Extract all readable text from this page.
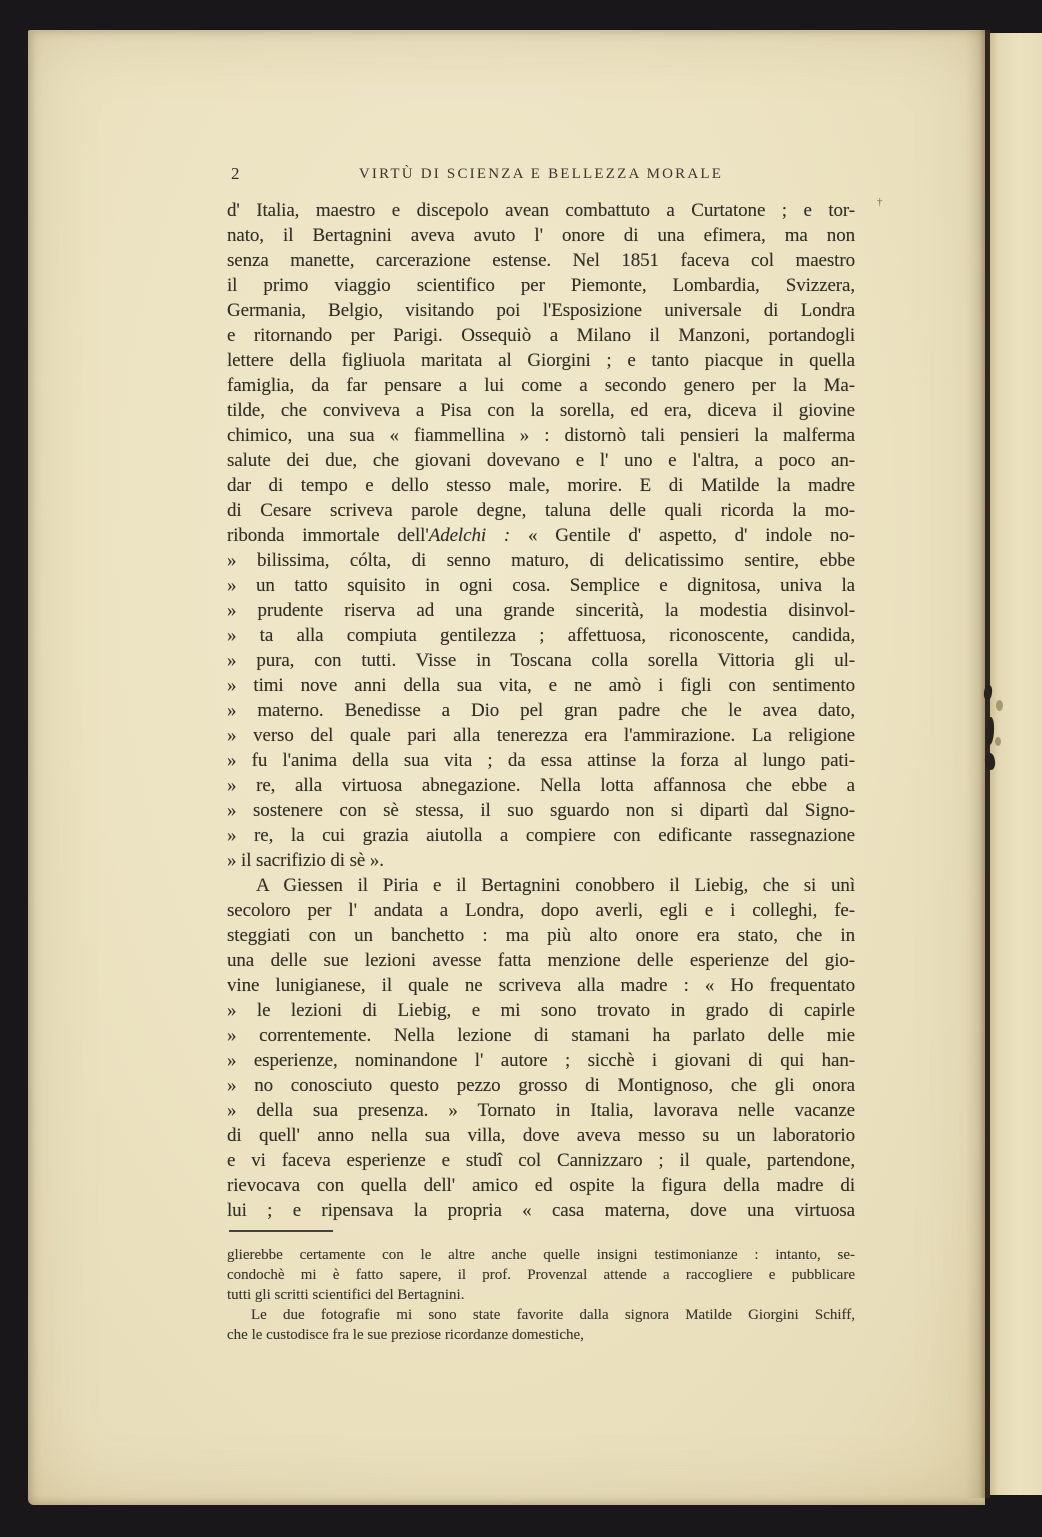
2	VIRTÙ DI SCIENZA E BELLEZZA MORALE
d' Italia, maestro e discepolo avean combattuto a Curtatone ; e tor-
nato, il Bertagnini aveva avuto l' onore di una efimera, ma non
senza manette, carcerazione estense. Nel 1851 faceva col maestro
il primo viaggio scientifico per Piemonte, Lombardia, Svizzera,
Germania, Belgio, visitando poi l'Esposizione universale di Londra
e ritornando per Parigi. Ossequiò a Milano il Manzoni, portandogli
lettere della figliuola maritata al Giorgini ; e tanto piacque in quella
famiglia, da far pensare a lui come a secondo genero per la Ma-
tilde, che conviveva a Pisa con la sorella, ed era, diceva il giovine
chimico, una sua « fiammellina » : distornò tali pensieri la malferma
salute dei due, che giovani dovevano e l' uno e l'altra, a poco an-
dar di tempo e dello stesso male, morire. E di Matilde la madre
di Cesare scriveva parole degne, taluna delle quali ricorda la mo-
ribonda immortale dell'Adelchi : « Gentile d' aspetto, d' indole no-
» bilissima, cólta, di senno maturo, di delicatissimo sentire, ebbe
» un tatto squisito in ogni cosa. Semplice e dignitosa, univa la
» prudente riserva ad una grande sincerità, la modestia disinvol-
» ta alla compiuta gentilezza ; affettuosa, riconoscente, candida,
» pura, con tutti. Visse in Toscana colla sorella Vittoria gli ul-
» timi nove anni della sua vita, e ne amò i figli con sentimento
» materno. Benedisse a Dio pel gran padre che le avea dato,
» verso del quale pari alla tenerezza era l'ammirazione. La religione
» fu l'anima della sua vita ; da essa attinse la forza al lungo pati-
» re, alla virtuosa abnegazione. Nella lotta affannosa che ebbe a
» sostenere con sè stessa, il suo sguardo non si dipartì dal Signo-
» re, la cui grazia aiutolla a compiere con edificante rassegnazione
» il sacrifizio di sè ».
A Giessen il Piria e il Bertagnini conobbero il Liebig, che si unì
secoloro per l' andata a Londra, dopo averli, egli e i colleghi, fe-
steggiati con un banchetto : ma più alto onore era stato, che in
una delle sue lezioni avesse fatta menzione delle esperienze del gio-
vine lunigianese, il quale ne scriveva alla madre : « Ho frequentato
» le lezioni di Liebig, e mi sono trovato in grado di capirle
» correntemente. Nella lezione di stamani ha parlato delle mie
» esperienze, nominandone l' autore ; sicchè i giovani di qui han-
» no conosciuto questo pezzo grosso di Montignoso, che gli onora
» della sua presenza. » Tornato in Italia, lavorava nelle vacanze
di quell' anno nella sua villa, dove aveva messo su un laboratorio
e vi faceva esperienze e studî col Cannizzaro ; il quale, partendone,
rievocava con quella dell' amico ed ospite la figura della madre di
lui ; e ripensava la propria « casa materna, dove una virtuosa
glierebbe certamente con le altre anche quelle insigni testimonianze : intanto, se-
condochè mi è fatto sapere, il prof. Provenzal attende a raccogliere e pubblicare
tutti gli scritti scientifici del Bertagnini.
Le due fotografie mi sono state favorite dalla signora Matilde Giorgini Schiff,
che le custodisce fra le sue preziose ricordanze domestiche,
†
